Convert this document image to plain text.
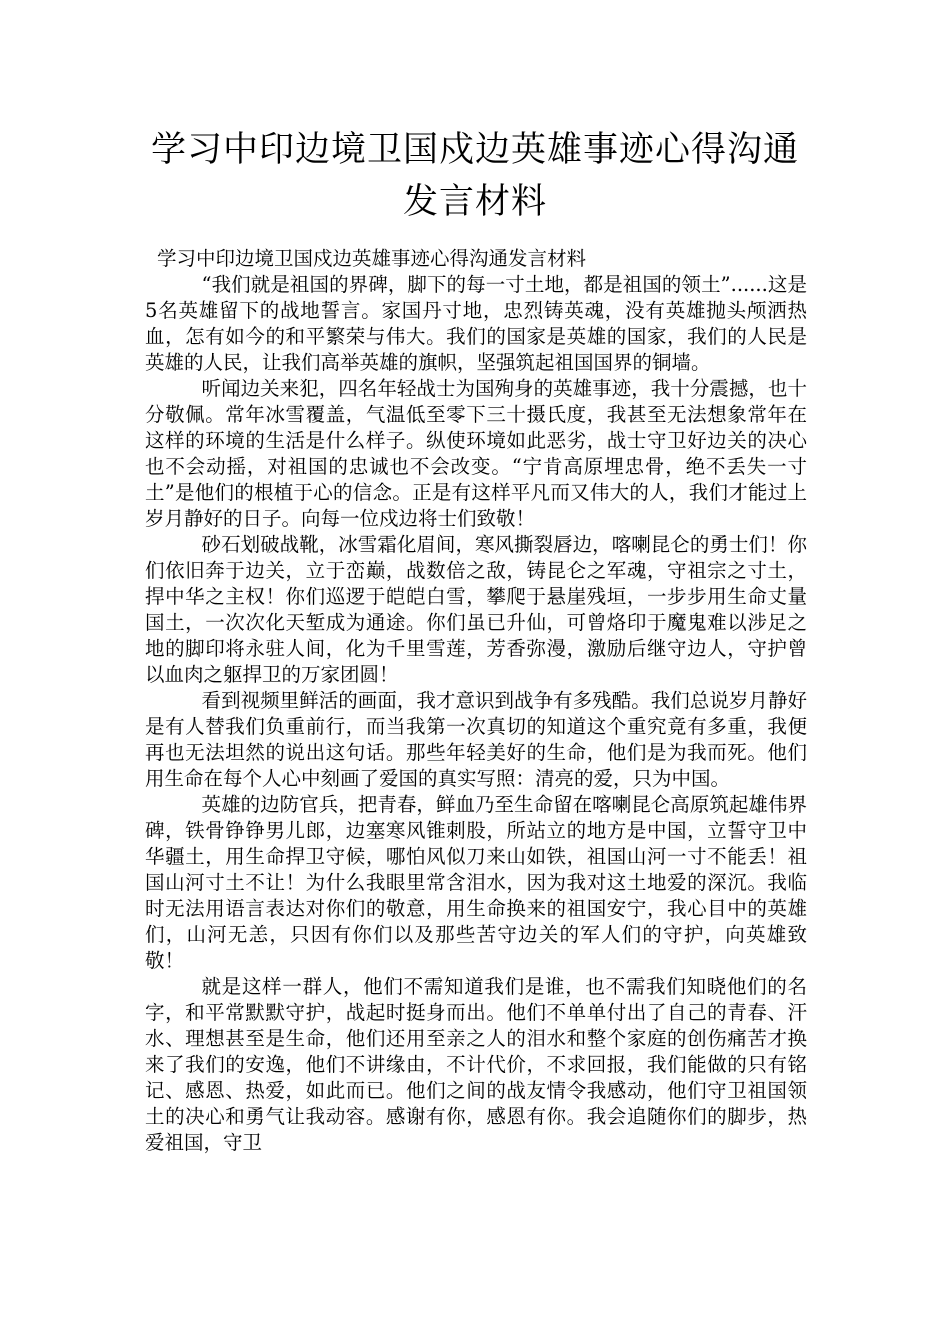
学习中印边境卫国戍边英雄事迹心得沟通
发言材料

学习中印边境卫国戍边英雄事迹心得沟通发言材料

“我们就是祖国的界碑，脚下的每一寸土地，都是祖国的领土”......这是5名英雄留下的战地誓言。家国丹寸地，忠烈铸英魂，没有英雄抛头颅洒热血，怎有如今的和平繁荣与伟大。我们的国家是英雄的国家，我们的人民是英雄的人民，让我们高举英雄的旗帜，坚强筑起祖国国界的铜墙。

听闻边关来犯，四名年轻战士为国殉身的英雄事迹，我十分震撼，也十分敬佩。常年冰雪覆盖，气温低至零下三十摄氏度，我甚至无法想象常年在这样的环境的生活是什么样子。纵使环境如此恶劣，战士守卫好边关的决心也不会动摇，对祖国的忠诚也不会改变。“宁肯高原埋忠骨，绝不丢失一寸土”是他们的根植于心的信念。正是有这样平凡而又伟大的人，我们才能过上岁月静好的日子。向每一位戍边将士们致敬！

砂石划破战靴，冰雪霜化眉间，寒风撕裂唇边，喀喇昆仑的勇士们！你们依旧奔于边关，立于峦巅，战数倍之敌，铸昆仑之军魂，守祖宗之寸土，捍中华之主权！你们巡逻于皑皑白雪，攀爬于悬崖残垣，一步步用生命丈量国土，一次次化天堑成为通途。你们虽已升仙，可曾烙印于魔鬼难以涉足之地的脚印将永驻人间，化为千里雪莲，芳香弥漫，激励后继守边人，守护曾以血肉之躯捍卫的万家团圆！

看到视频里鲜活的画面，我才意识到战争有多残酷。我们总说岁月静好是有人替我们负重前行，而当我第一次真切的知道这个重究竟有多重，我便再也无法坦然的说出这句话。那些年轻美好的生命，他们是为我而死。他们用生命在每个人心中刻画了爱国的真实写照：清亮的爱，只为中国。

英雄的边防官兵，把青春，鲜血乃至生命留在喀喇昆仑高原筑起雄伟界碑，铁骨铮铮男儿郎，边塞寒风锥刺股，所站立的地方是中国，立誓守卫中华疆土，用生命捍卫守候，哪怕风似刀来山如铁，祖国山河一寸不能丢！祖国山河寸土不让！为什么我眼里常含泪水，因为我对这土地爱的深沉。我临时无法用语言表达对你们的敬意，用生命换来的祖国安宁，我心目中的英雄们，山河无恙，只因有你们以及那些苦守边关的军人们的守护，向英雄致敬！

就是这样一群人，他们不需知道我们是谁，也不需我们知晓他们的名字，和平常默默守护，战起时挺身而出。他们不单单付出了自己的青春、汗水、理想甚至是生命，他们还用至亲之人的泪水和整个家庭的创伤痛苦才换来了我们的安逸，他们不讲缘由，不计代价，不求回报，我们能做的只有铭记、感恩、热爱，如此而已。他们之间的战友情令我感动，他们守卫祖国领土的决心和勇气让我动容。感谢有你，感恩有你。我会追随你们的脚步，热爱祖国，守卫
